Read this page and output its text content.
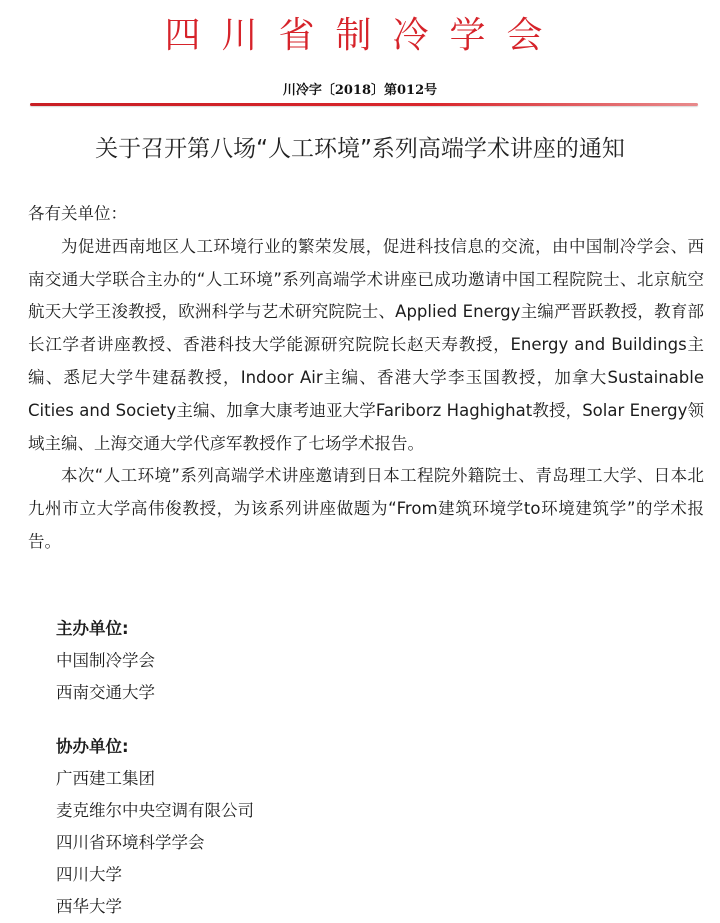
四川省制冷学会
川冷字〔2018〕第012号
关于召开第八场“人工环境”系列高端学术讲座的通知

各有关单位：

为促进西南地区人工环境行业的繁荣发展，促进科技信息的交流，由中国制冷学会、西南交通大学联合主办的“人工环境”系列高端学术讲座已成功邀请中国工程院院士、北京航空航天大学王浚教授，欧洲科学与艺术研究院院士、Applied Energy主编严晋跃教授，教育部长江学者讲座教授、香港科技大学能源研究院院长赵天寿教授，Energy and Buildings主编、悉尼大学牛建磊教授，Indoor Air主编、香港大学李玉国教授，加拿大Sustainable Cities and Society主编、加拿大康考迪亚大学Fariborz Haghighat教授，Solar Energy领域主编、上海交通大学代彦军教授作了七场学术报告。

本次“人工环境”系列高端学术讲座邀请到日本工程院外籍院士、青岛理工大学、日本北九州市立大学高伟俊教授，为该系列讲座做题为“From建筑环境学to环境建筑学”的学术报告。

主办单位:
中国制冷学会
西南交通大学
协办单位:
广西建工集团
麦克维尔中央空调有限公司
四川省环境科学学会
四川大学
西华大学
